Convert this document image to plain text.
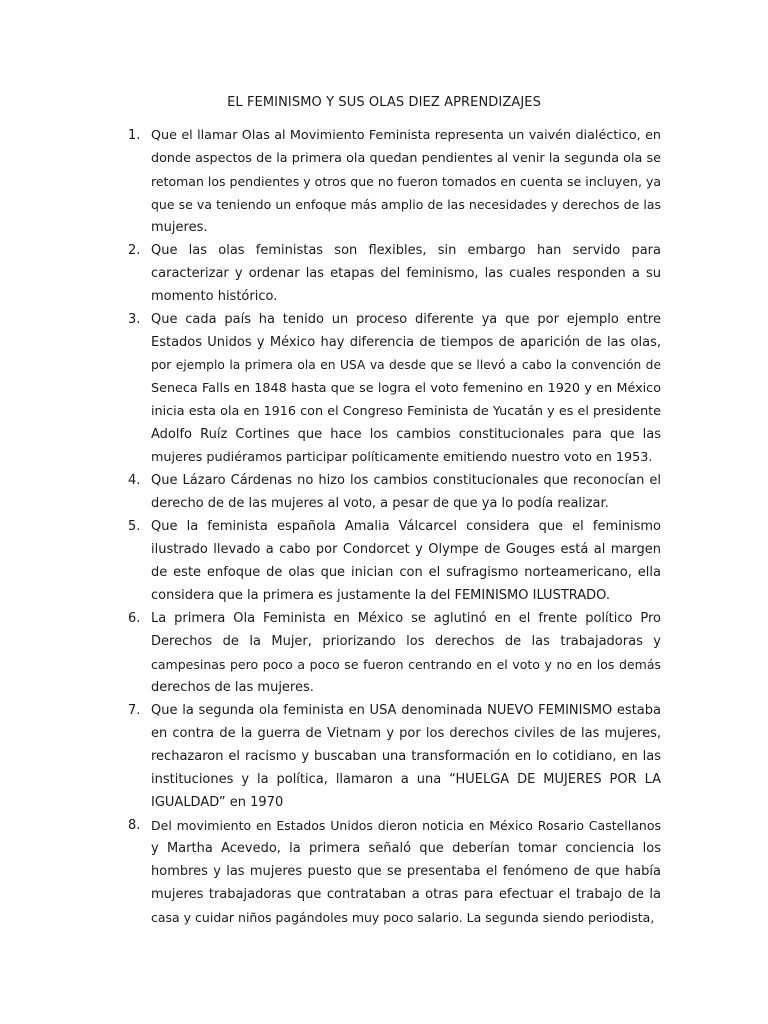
EL FEMINISMO Y SUS OLAS DIEZ APRENDIZAJES
1. Que el llamar Olas al Movimiento Feminista representa un vaivén dialéctico, en
donde aspectos de la primera ola quedan pendientes al venir la segunda ola se
retoman los pendientes y otros que no fueron tomados en cuenta se incluyen, ya
que se va teniendo un enfoque más amplio de las necesidades y derechos de las
mujeres.
2. Que las olas feministas son flexibles, sin embargo han servido para
caracterizar y ordenar las etapas del feminismo, las cuales responden a su
momento histórico.
3. Que cada país ha tenido un proceso diferente ya que por ejemplo entre
Estados Unidos y México hay diferencia de tiempos de aparición de las olas,
por ejemplo la primera ola en USA va desde que se llevó a cabo la convención de
Seneca Falls en 1848 hasta que se logra el voto femenino en 1920 y en México
inicia esta ola en 1916 con el Congreso Feminista de Yucatán y es el presidente
Adolfo Ruíz Cortines que hace los cambios constitucionales para que las
mujeres pudiéramos participar políticamente emitiendo nuestro voto en 1953.
4. Que Lázaro Cárdenas no hizo los cambios constitucionales que reconocían el
derecho de de las mujeres al voto, a pesar de que ya lo podía realizar.
5. Que la feminista española Amalia Válcarcel considera que el feminismo
ilustrado llevado a cabo por Condorcet y Olympe de Gouges está al margen
de este enfoque de olas que inician con el sufragismo norteamericano, ella
considera que la primera es justamente la del FEMINISMO ILUSTRADO.
6. La primera Ola Feminista en México se aglutinó en el frente político Pro
Derechos de la Mujer, priorizando los derechos de las trabajadoras y
campesinas pero poco a poco se fueron centrando en el voto y no en los demás
derechos de las mujeres.
7. Que la segunda ola feminista en USA denominada NUEVO FEMINISMO estaba
en contra de la guerra de Vietnam y por los derechos civiles de las mujeres,
rechazaron el racismo y buscaban una transformación en lo cotidiano, en las
instituciones y la política, llamaron a una “HUELGA DE MUJERES POR LA
IGUALDAD” en 1970
8. Del movimiento en Estados Unidos dieron noticia en México Rosario Castellanos
y Martha Acevedo, la primera señaló que deberían tomar conciencia los
hombres y las mujeres puesto que se presentaba el fenómeno de que había
mujeres trabajadoras que contrataban a otras para efectuar el trabajo de la
casa y cuidar niños pagándoles muy poco salario. La segunda siendo periodista,
